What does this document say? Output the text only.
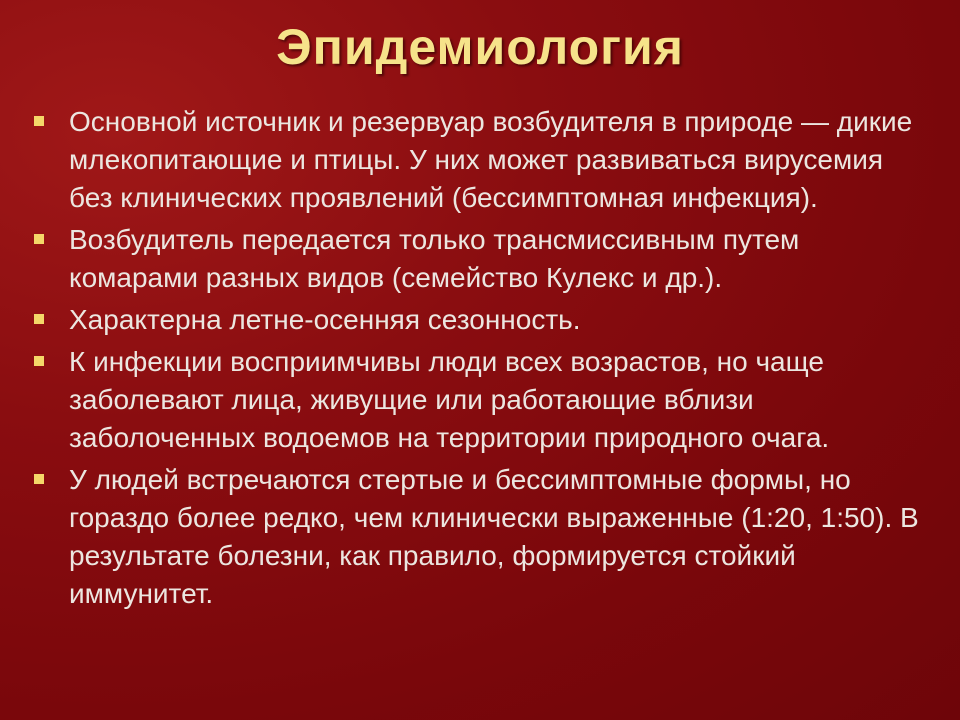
Эпидемиология
Основной источник и резервуар возбудителя в природе — дикие млекопитающие и птицы. У них может развиваться вирусемия без клинических проявлений (бессимптомная инфекция).
Возбудитель передается только трансмиссивным путем комарами разных видов (семейство Кулекс и др.).
Характерна летне-осенняя сезонность.
К инфекции восприимчивы люди всех возрастов, но чаще заболевают лица, живущие или работающие вблизи заболоченных водоемов на территории природного очага.
У людей встречаются стертые и бессимптомные формы, но гораздо более редко, чем клинически выраженные (1:20, 1:50). В результате болезни, как правило, формируется стойкий иммунитет.
